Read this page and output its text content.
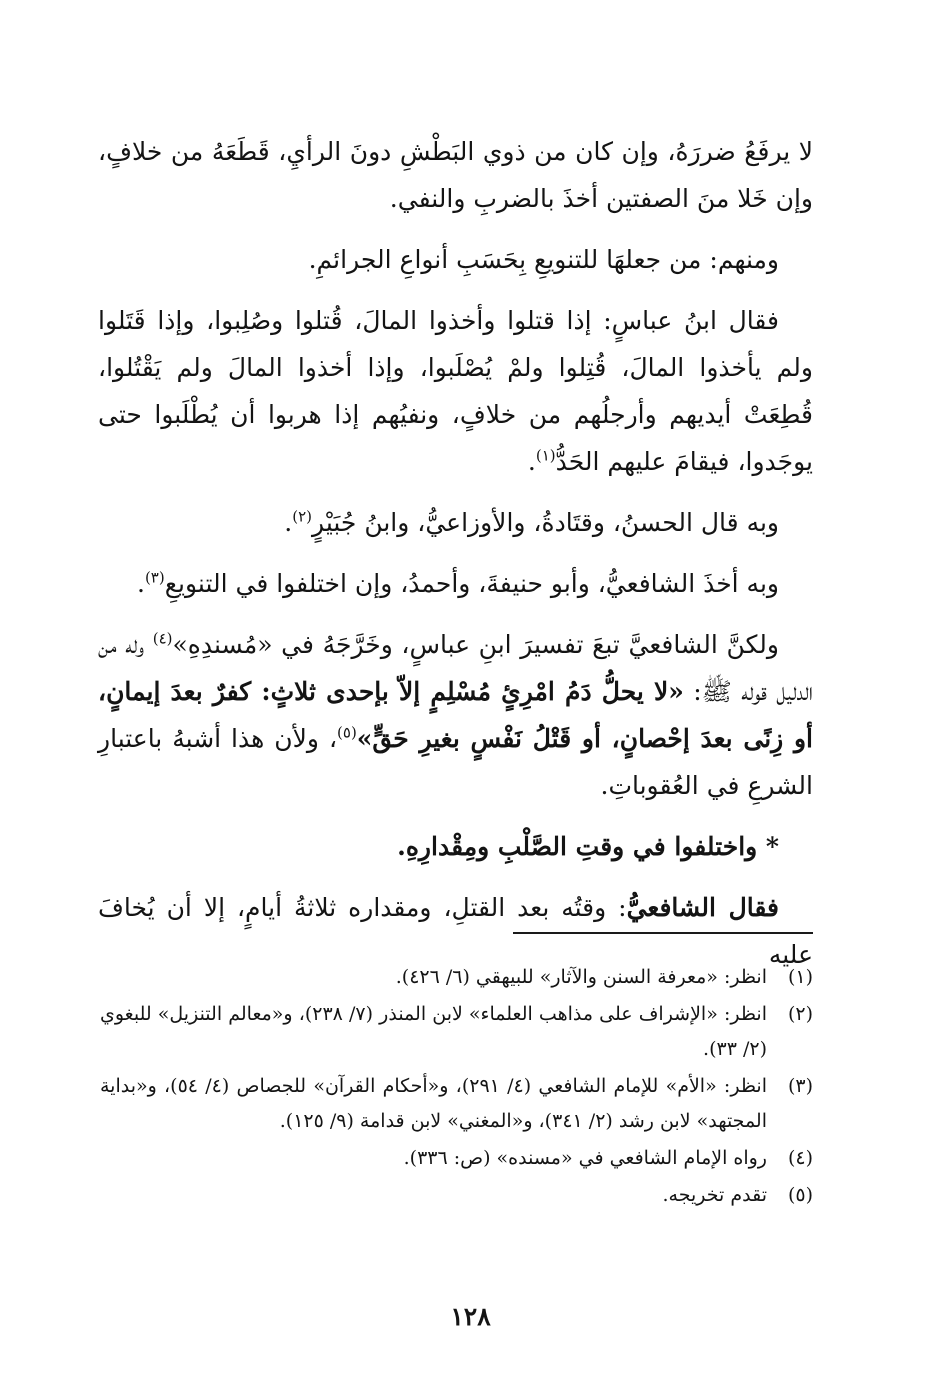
لا يرفَعُ ضررَهُ، وإن كان من ذوي البَطْشِ دونَ الرأيِ، قَطَعَهُ من خلافٍ، وإن خَلا منَ الصفتين أخذَ بالضربِ والنفي.

ومنهم: من جعلهَا للتنويعِ بِحَسَبِ أنواعِ الجرائمِ.

فقال ابنُ عباسٍ: إذا قتلوا وأخذوا المالَ، قُتلوا وصُلِبوا، وإذا قَتَلوا ولم يأخذوا المالَ، قُتِلوا ولمْ يُصْلَبوا، وإذا أخذوا المالَ ولم يَقْتُلوا، قُطِعَتْ أيديهم وأرجلُهم من خلافٍ، ونفيُهم إذا هربوا أن يُطْلَبوا حتى يوجَدوا، فيقامَ عليهم الحَدُّ$^{(١)}$.

وبه قال الحسنُ، وقتَادةُ، والأوزاعيُّ، وابنُ جُبَيْرٍ$^{(٢)}$.

وبه أخذَ الشافعيُّ، وأبو حنيفةَ، وأحمدُ، وإن اختلفوا في التنويعِ$^{(٣)}$.

ولكنَّ الشافعيَّ تبعَ تفسيرَ ابنِ عباسٍ، وخَرَّجَهُ في «مُسندِهِ»$^{(٤)}$ وله من الدليل قوله ﷺ: «لا يحلُّ دَمُ امْرِئٍ مُسْلِمٍ إلاّ بإحدى ثلاثٍ: كفرٌ بعدَ إيمانٍ، أو زِنًى بعدَ إحْصانٍ، أو قَتْلُ نَفْسٍ بغيرِ حَقٍّ»$^{(٥)}$، ولأن هذا أشبهُ باعتبارِ الشرعِ في العُقوباتِ.

* واختلفوا في وقتِ الصَّلْبِ ومِقْدارِهِ.

فقال الشافعيُّ: وقتُه بعد القتلِ، ومقداره ثلاثةُ أيامٍ، إلا أن يُخافَ عليه

(١)
انظر: «معرفة السنن والآثار» للبيهقي (٦/ ٤٢٦).
(٢)
انظر: «الإشراف على مذاهب العلماء» لابن المنذر (٧/ ٢٣٨)، و«معالم التنزيل» للبغوي (٢/ ٣٣).
(٣)
انظر: «الأم» للإمام الشافعي (٤/ ٢٩١)، و«أحكام القرآن» للجصاص (٤/ ٥٤)، و«بداية المجتهد» لابن رشد (٢/ ٣٤١)، و«المغني» لابن قدامة (٩/ ١٢٥).
(٤)
رواه الإمام الشافعي في «مسنده» (ص: ٣٣٦).
(٥)
تقدم تخريجه.
١٢٨
